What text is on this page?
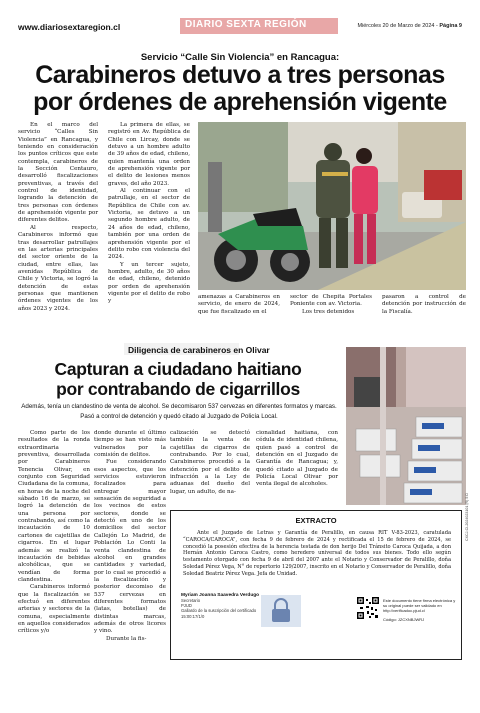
www.diariosextaregion.cl	DIARIO SEXTA REGIÓN	Miércoles 20 de Marzo de 2024 - Página 9
Servicio “Calle Sin Violencia” en Rancagua:
Carabineros detuvo a tres personas
por órdenes de aprehensión vigente

En el marco del servicio “Calles Sin Violencia” en Rancagua, y teniendo en consideración los puntos críticos que este contempla, carabineros de la Sección Centauro, desarrolló fiscalizaciones preventivas, a través del control de identidad, logrando la detención de tres personas con órdenes de aprehensión vigente por diferentes delitos.

Al respecto, Carabineros informó que tras desarrollar patrullajes en las arterias principales del sector oriente de la ciudad, entre ellas, las avenidas República de Chile y Victoria, se logró la detención de estas personas que mantienen órdenes vigentes de los años 2023 y 2024.

La primera de ellas, se registró en Av. República de Chile con Lircay, donde se detuvo a un hombre adulto de 39 años de edad, chileno, quien mantenía una orden de aprehensión vigente por el delito de lesiones menos graves, del año 2023.

Al continuar con el patrullaje, en el sector de República de Chile con av. Victoria, se detuvo a un segundo hombre adulto, de 24 años de edad, chileno, también por una orden de aprehensión vigente por el delito robo con violencia del 2024.

Y un tercer sujeto, hombre, adulto, de 30 años de edad, chileno, detenido por orden de aprehensión vigente por el delito de robo y

amenazas a Carabineros en servicio, de enero de 2024, que fue fiscalizado en el

sector de Chepita Portales Poniente con av. Victoria.

Los tres detenidos

pasaron a control de detención por instrucción de la Fiscalía.

Diligencia de carabineros en Olivar
Capturan a ciudadano haitiano
por contrabando de cigarrillos
Además, tenía un clandestino de venta de alcohol. Se decomisaron 537 cervezas en diferentes formatos y marcas. Pasó a control de detención y quedó citado al Juzgado de Policía Local.

Como parte de los resultados de la ronda extraordinaria preventiva, desarrollada por Carabineros Tenencia Olivar, en conjunto con Seguridad Ciudadana de la comuna, en horas de la noche del sábado 16 de marzo, se logró la detención de una persona por contrabando, así como la incautación de 10 cartones de cajetillas de cigarros. En el lugar además se realizó la incautación de bebidas alcohólicas, que se vendían de forma clandestina.

Carabineros informó que la fiscalización se efectuó en diferentes arterias y sectores de la comuna, especialmente en aquellos considerados críticos y/o

donde durante el último tiempo se han visto más vulnerados por la comisión de delitos.

Fue considerando esos aspectos, que los servicios estuvieron focalizados para entregar mayor sensación de seguridad a los vecinos de estos sectores, donde se detectó en uno de los domicilios del sector Callejón Lo Madrid, de Población Lo Conti la venta clandestina de alcohol en grandes cantidades y variedad, por lo cual se procedió a la fiscalización y posterior decomiso de 537 cervezas en diferentes formatos (latas, botellas) de distintas marcas, además de otros licores y vino.

Durante la fis-

calización se detectó también la venta de cajetillas de cigarros de contrabando. Por lo cual, Carabineros procedió a la detención por el delito de infracción a la Ley de aduanas del dueño del lugar, un adulto, de na-

cionalidad haitiana, con cédula de identidad chilena, quien pasó a control de detención en el Juzgado de Garantía de Rancagua; y, quedó citado al Juzgado de Policía Local Olivar por venta ilegal de alcoholes.

EXTRACTO
Ante el Juzgado de Letras y Garantía de Peralillo, en causa RIT V-83-2023, caratulada “CAROCA/CAROCA”, con fecha 9 de febrero de 2024 y rectificada el 15 de febrero de 2024, se concedió la posesión efectiva de la herencia testada de don herijo Del Tránsito Caroca Quijada, a don Hernán Antonio Caroca Castro, como heredero universal de todos sus bienes. Todo ello según testamento otorgado con fecha 9 de abril del 2007 ante el Notario y Conservador de Peralillo, doña Soledad Pérez Vega, N° de repertorio 129/2007, inscrito en el Notario y Conservador de Peralillo, doña Soledad Beatriz Pérez Vega. Jefa de Unidad.
Myriam Joanna Saavedra Verdugo
Secretario
PJUD
Gallardo de la suscripción del certificado
15:00:17/1/0
Este documento tiene firma electrónica y su original puede ser validado en http://verificadoc.pjud.cl
Código: JZCXNBJWRJ
CXCJ-CI-2024023101 (R) 5 D
